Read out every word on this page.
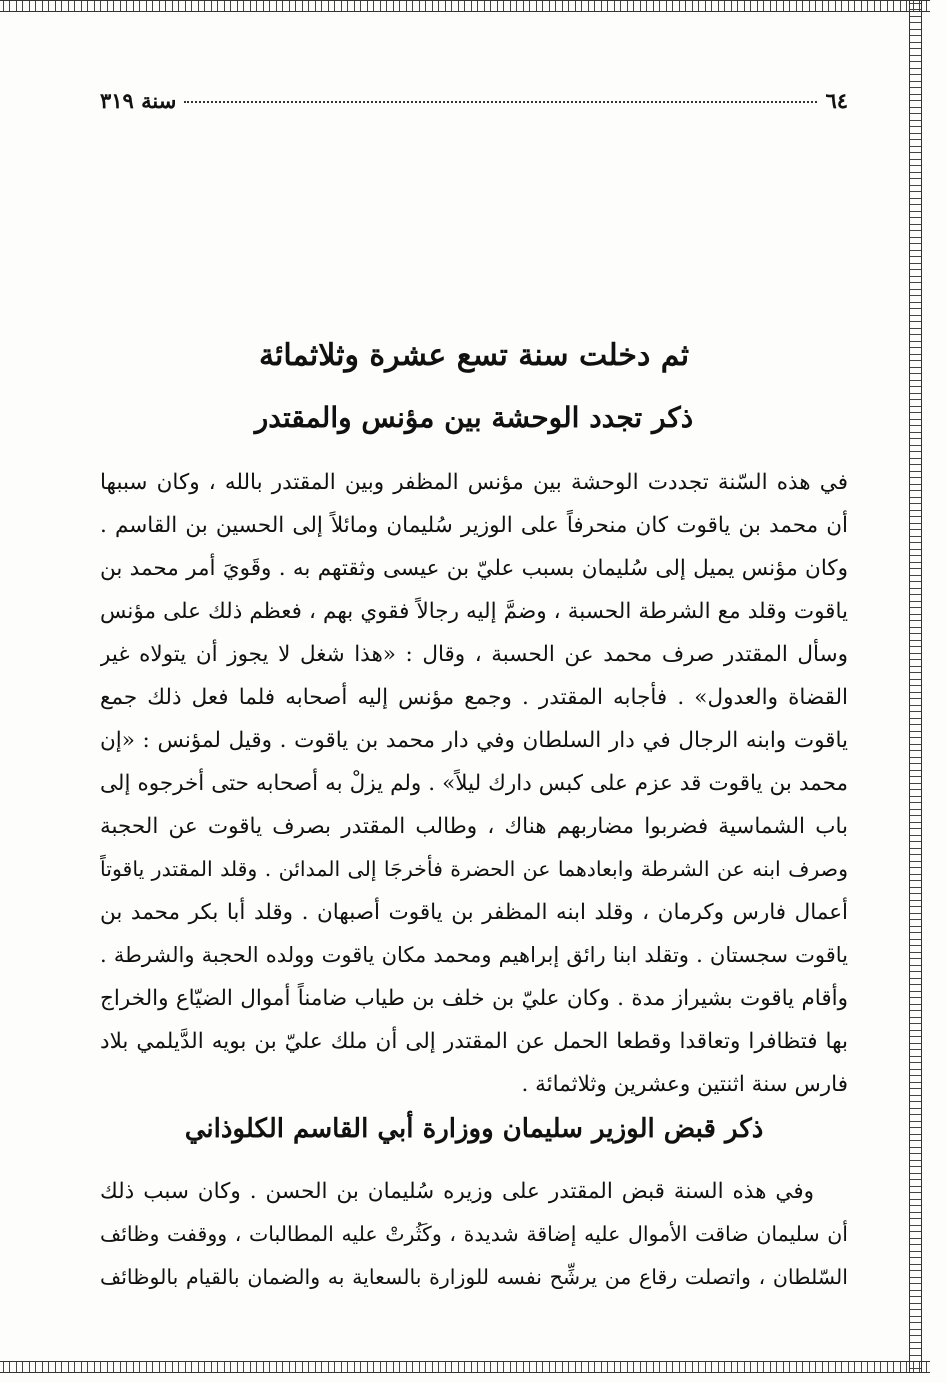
٦٤
سنة ٣١٩
ثم دخلت سنة تسع عشرة وثلاثمائة
ذكر تجدد الوحشة بين مؤنس والمقتدر
في هذه السّنة تجددت الوحشة بين مؤنس المظفر وبين المقتدر بالله ، وكان سببها
أن محمد بن ياقوت كان منحرفاً على الوزير سُليمان ومائلاً إلى الحسين بن القاسم .
وكان مؤنس يميل إلى سُليمان بسبب عليّ بن عيسى وثقتهم به . وقَويَ أمر محمد بن
ياقوت وقلد مع الشرطة الحسبة ، وضمَّ إليه رجالاً فقوي بهم ، فعظم ذلك على مؤنس
وسأل المقتدر صرف محمد عن الحسبة ، وقال : «هذا شغل لا يجوز أن يتولاه غير
القضاة والعدول» . فأجابه المقتدر . وجمع مؤنس إليه أصحابه فلما فعل ذلك جمع
ياقوت وابنه الرجال في دار السلطان وفي دار محمد بن ياقوت . وقيل لمؤنس : «إن
محمد بن ياقوت قد عزم على كبس دارك ليلاً» . ولم يزلْ به أصحابه حتى أخرجوه إلى
باب الشماسية فضربوا مضاربهم هناك ، وطالب المقتدر بصرف ياقوت عن الحجبة
وصرف ابنه عن الشرطة وابعادهما عن الحضرة فأخرجَا إلى المدائن . وقلد المقتدر ياقوتاً
أعمال فارس وكرمان ، وقلد ابنه المظفر بن ياقوت أصبهان . وقلد أبا بكر محمد بن
ياقوت سجستان . وتقلد ابنا رائق إبراهيم ومحمد مكان ياقوت وولده الحجبة والشرطة .
وأقام ياقوت بشيراز مدة . وكان عليّ بن خلف بن طياب ضامناً أموال الضيّاع والخراج
بها فتظافرا وتعاقدا وقطعا الحمل عن المقتدر إلى أن ملك عليّ بن بويه الدَّيلمي بلاد
فارس سنة اثنتين وعشرين وثلاثمائة .
ذكر قبض الوزير سليمان ووزارة أبي القاسم الكلوذاني
وفي هذه السنة قبض المقتدر على وزيره سُليمان بن الحسن . وكان سبب ذلك
أن سليمان ضاقت الأموال عليه إضاقة شديدة ، وكَثُرتْ عليه المطالبات ، ووقفت وظائف
السّلطان ، واتصلت رقاع من يرشِّح نفسه للوزارة بالسعاية به والضمان بالقيام بالوظائف
